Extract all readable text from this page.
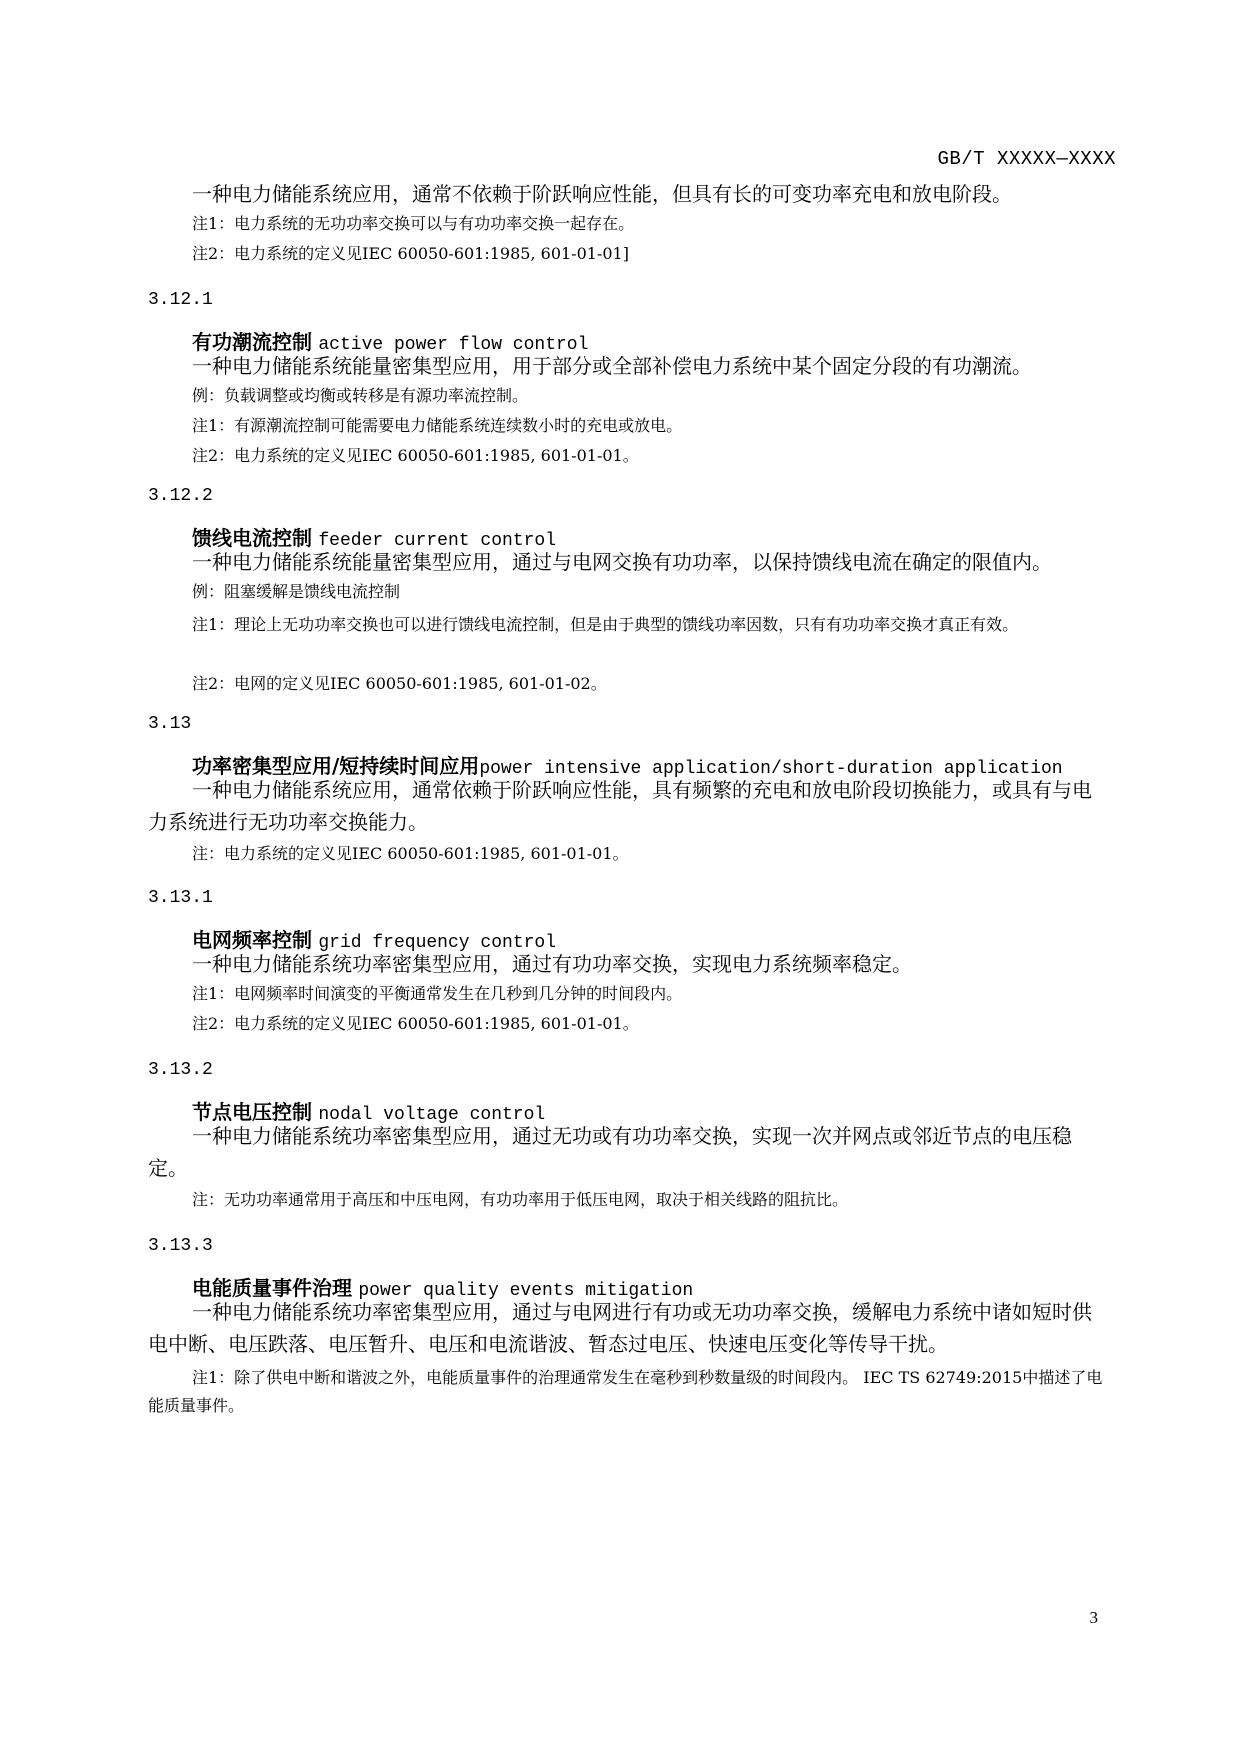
GB/T XXXXX—XXXX
一种电力储能系统应用，通常不依赖于阶跃响应性能，但具有长的可变功率充电和放电阶段。
注1：电力系统的无功功率交换可以与有功功率交换一起存在。
注2：电力系统的定义见IEC 60050-601:1985, 601-01-01]
3.12.1
有功潮流控制 active power flow control
一种电力储能系统能量密集型应用，用于部分或全部补偿电力系统中某个固定分段的有功潮流。
例：负载调整或均衡或转移是有源功率流控制。
注1：有源潮流控制可能需要电力储能系统连续数小时的充电或放电。
注2：电力系统的定义见IEC 60050-601:1985, 601-01-01。
3.12.2
馈线电流控制 feeder current control
一种电力储能系统能量密集型应用，通过与电网交换有功功率，以保持馈线电流在确定的限值内。
例：阻塞缓解是馈线电流控制
注1：理论上无功功率交换也可以进行馈线电流控制，但是由于典型的馈线功率因数，只有有功功率交换才真正有效。
注2：电网的定义见IEC 60050-601:1985, 601-01-02。
3.13
功率密集型应用/短持续时间应用power intensive application/short-duration application
一种电力储能系统应用，通常依赖于阶跃响应性能，具有频繁的充电和放电阶段切换能力，或具有与电力系统进行无功功率交换能力。
注：电力系统的定义见IEC 60050-601:1985, 601-01-01。
3.13.1
电网频率控制 grid frequency control
一种电力储能系统功率密集型应用，通过有功功率交换，实现电力系统频率稳定。
注1：电网频率时间演变的平衡通常发生在几秒到几分钟的时间段内。
注2：电力系统的定义见IEC 60050-601:1985, 601-01-01。
3.13.2
节点电压控制 nodal voltage control
一种电力储能系统功率密集型应用，通过无功或有功功率交换，实现一次并网点或邻近节点的电压稳定。
注：无功功率通常用于高压和中压电网，有功功率用于低压电网，取决于相关线路的阻抗比。
3.13.3
电能质量事件治理 power quality events mitigation
一种电力储能系统功率密集型应用，通过与电网进行有功或无功功率交换，缓解电力系统中诸如短时供电中断、电压跌落、电压暂升、电压和电流谐波、暂态过电压、快速电压变化等传导干扰。
注1：除了供电中断和谐波之外，电能质量事件的治理通常发生在毫秒到秒数量级的时间段内。 IEC TS 62749:2015中描述了电能质量事件。
3
